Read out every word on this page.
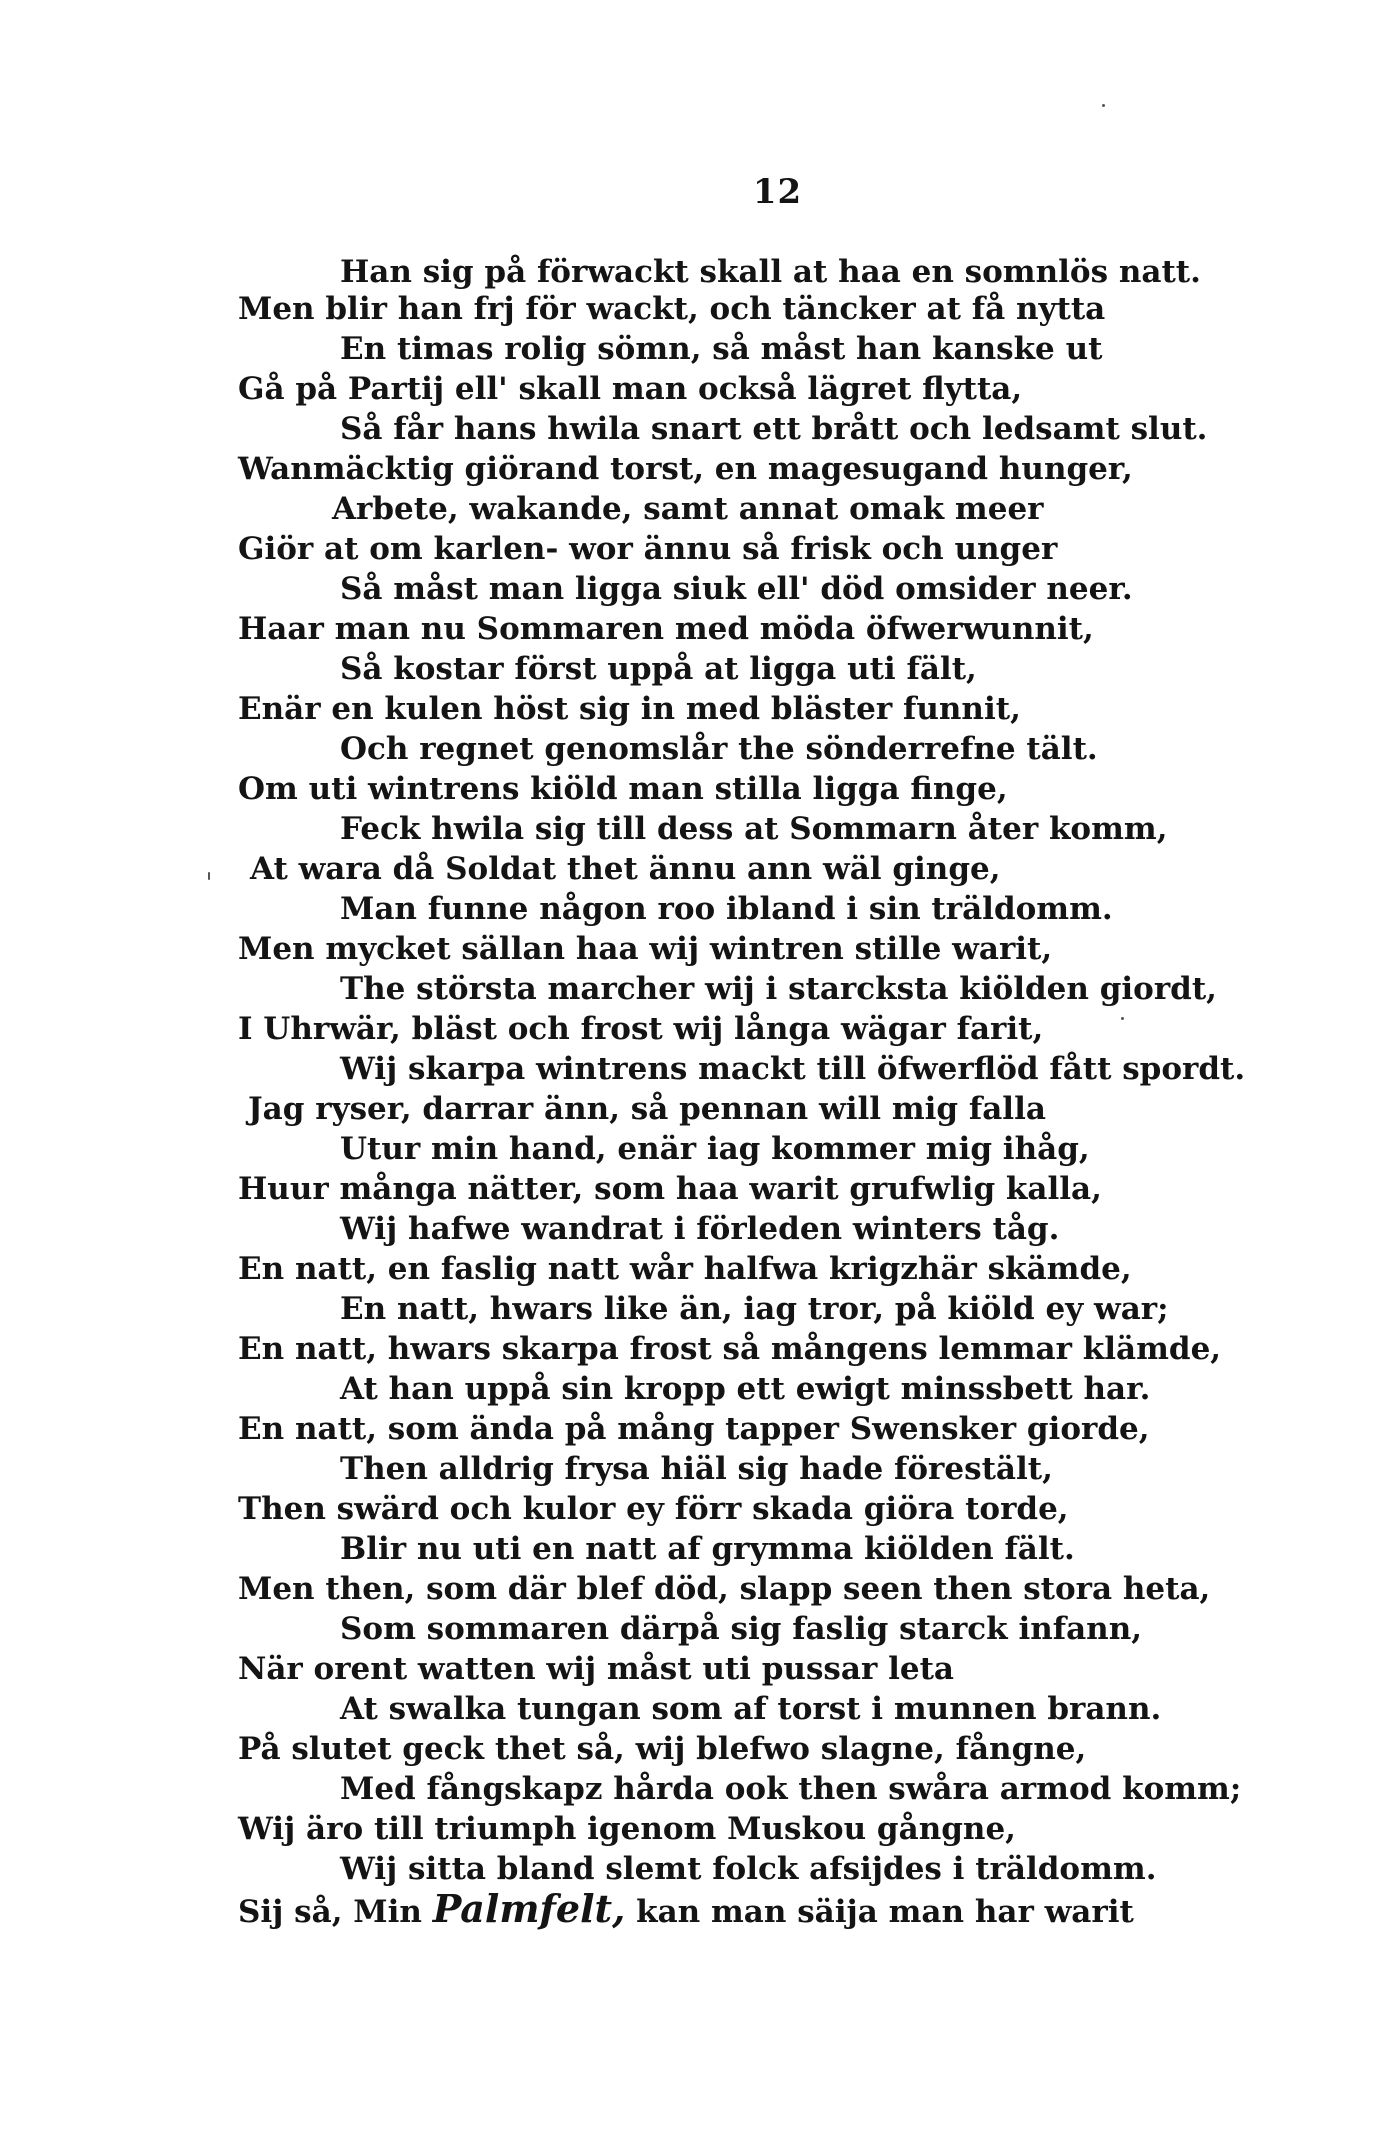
12
Han sig på förwackt skall at haa en somnlös natt.
Men blir han frj för wackt, och täncker at få nytta
En timas rolig sömn, så måst han kanske ut
Gå på Partij ell' skall man också lägret flytta,
Så får hans hwila snart ett brått och ledsamt slut.
Wanmäcktig giörand torst, en magesugand hunger,
Arbete, wakande, samt annat omak meer
Giör at om karlen- wor ännu så frisk och unger
Så måst man ligga siuk ell' död omsider neer.
Haar man nu Sommaren med möda öfwerwunnit,
Så kostar först uppå at ligga uti fält,
Enär en kulen höst sig in med bläster funnit,
Och regnet genomslår the sönderrefne tält.
Om uti wintrens kiöld man stilla ligga finge,
Feck hwila sig till dess at Sommarn åter komm,
At wara då Soldat thet ännu ann wäl ginge,
Man funne någon roo ibland i sin träldomm.
Men mycket sällan haa wij wintren stille warit,
The största marcher wij i starcksta kiölden giordt,
I Uhrwär, bläst och frost wij långa wägar farit,
Wij skarpa wintrens mackt till öfwerflöd fått spordt.
Jag ryser, darrar änn, så pennan will mig falla
Utur min hand, enär iag kommer mig ihåg,
Huur många nätter, som haa warit grufwlig kalla,
Wij hafwe wandrat i förleden winters tåg.
En natt, en faslig natt wår halfwa krigzhär skämde,
En natt, hwars like än, iag tror, på kiöld ey war;
En natt, hwars skarpa frost så mångens lemmar klämde,
At han uppå sin kropp ett ewigt minssbett har.
En natt, som ända på mång tapper Swensker giorde,
Then alldrig frysa hiäl sig hade förestält,
Then swärd och kulor ey förr skada giöra torde,
Blir nu uti en natt af grymma kiölden fält.
Men then, som där blef död, slapp seen then stora heta,
Som sommaren därpå sig faslig starck infann,
När orent watten wij måst uti pussar leta
At swalka tungan som af torst i munnen brann.
På slutet geck thet så, wij blefwo slagne, fångne,
Med fångskapz hårda ook then swåra armod komm;
Wij äro till triumph igenom Muskou gångne,
Wij sitta bland slemt folck afsijdes i träldomm.
Sij så, Min Palmfelt, kan man säija man har warit
